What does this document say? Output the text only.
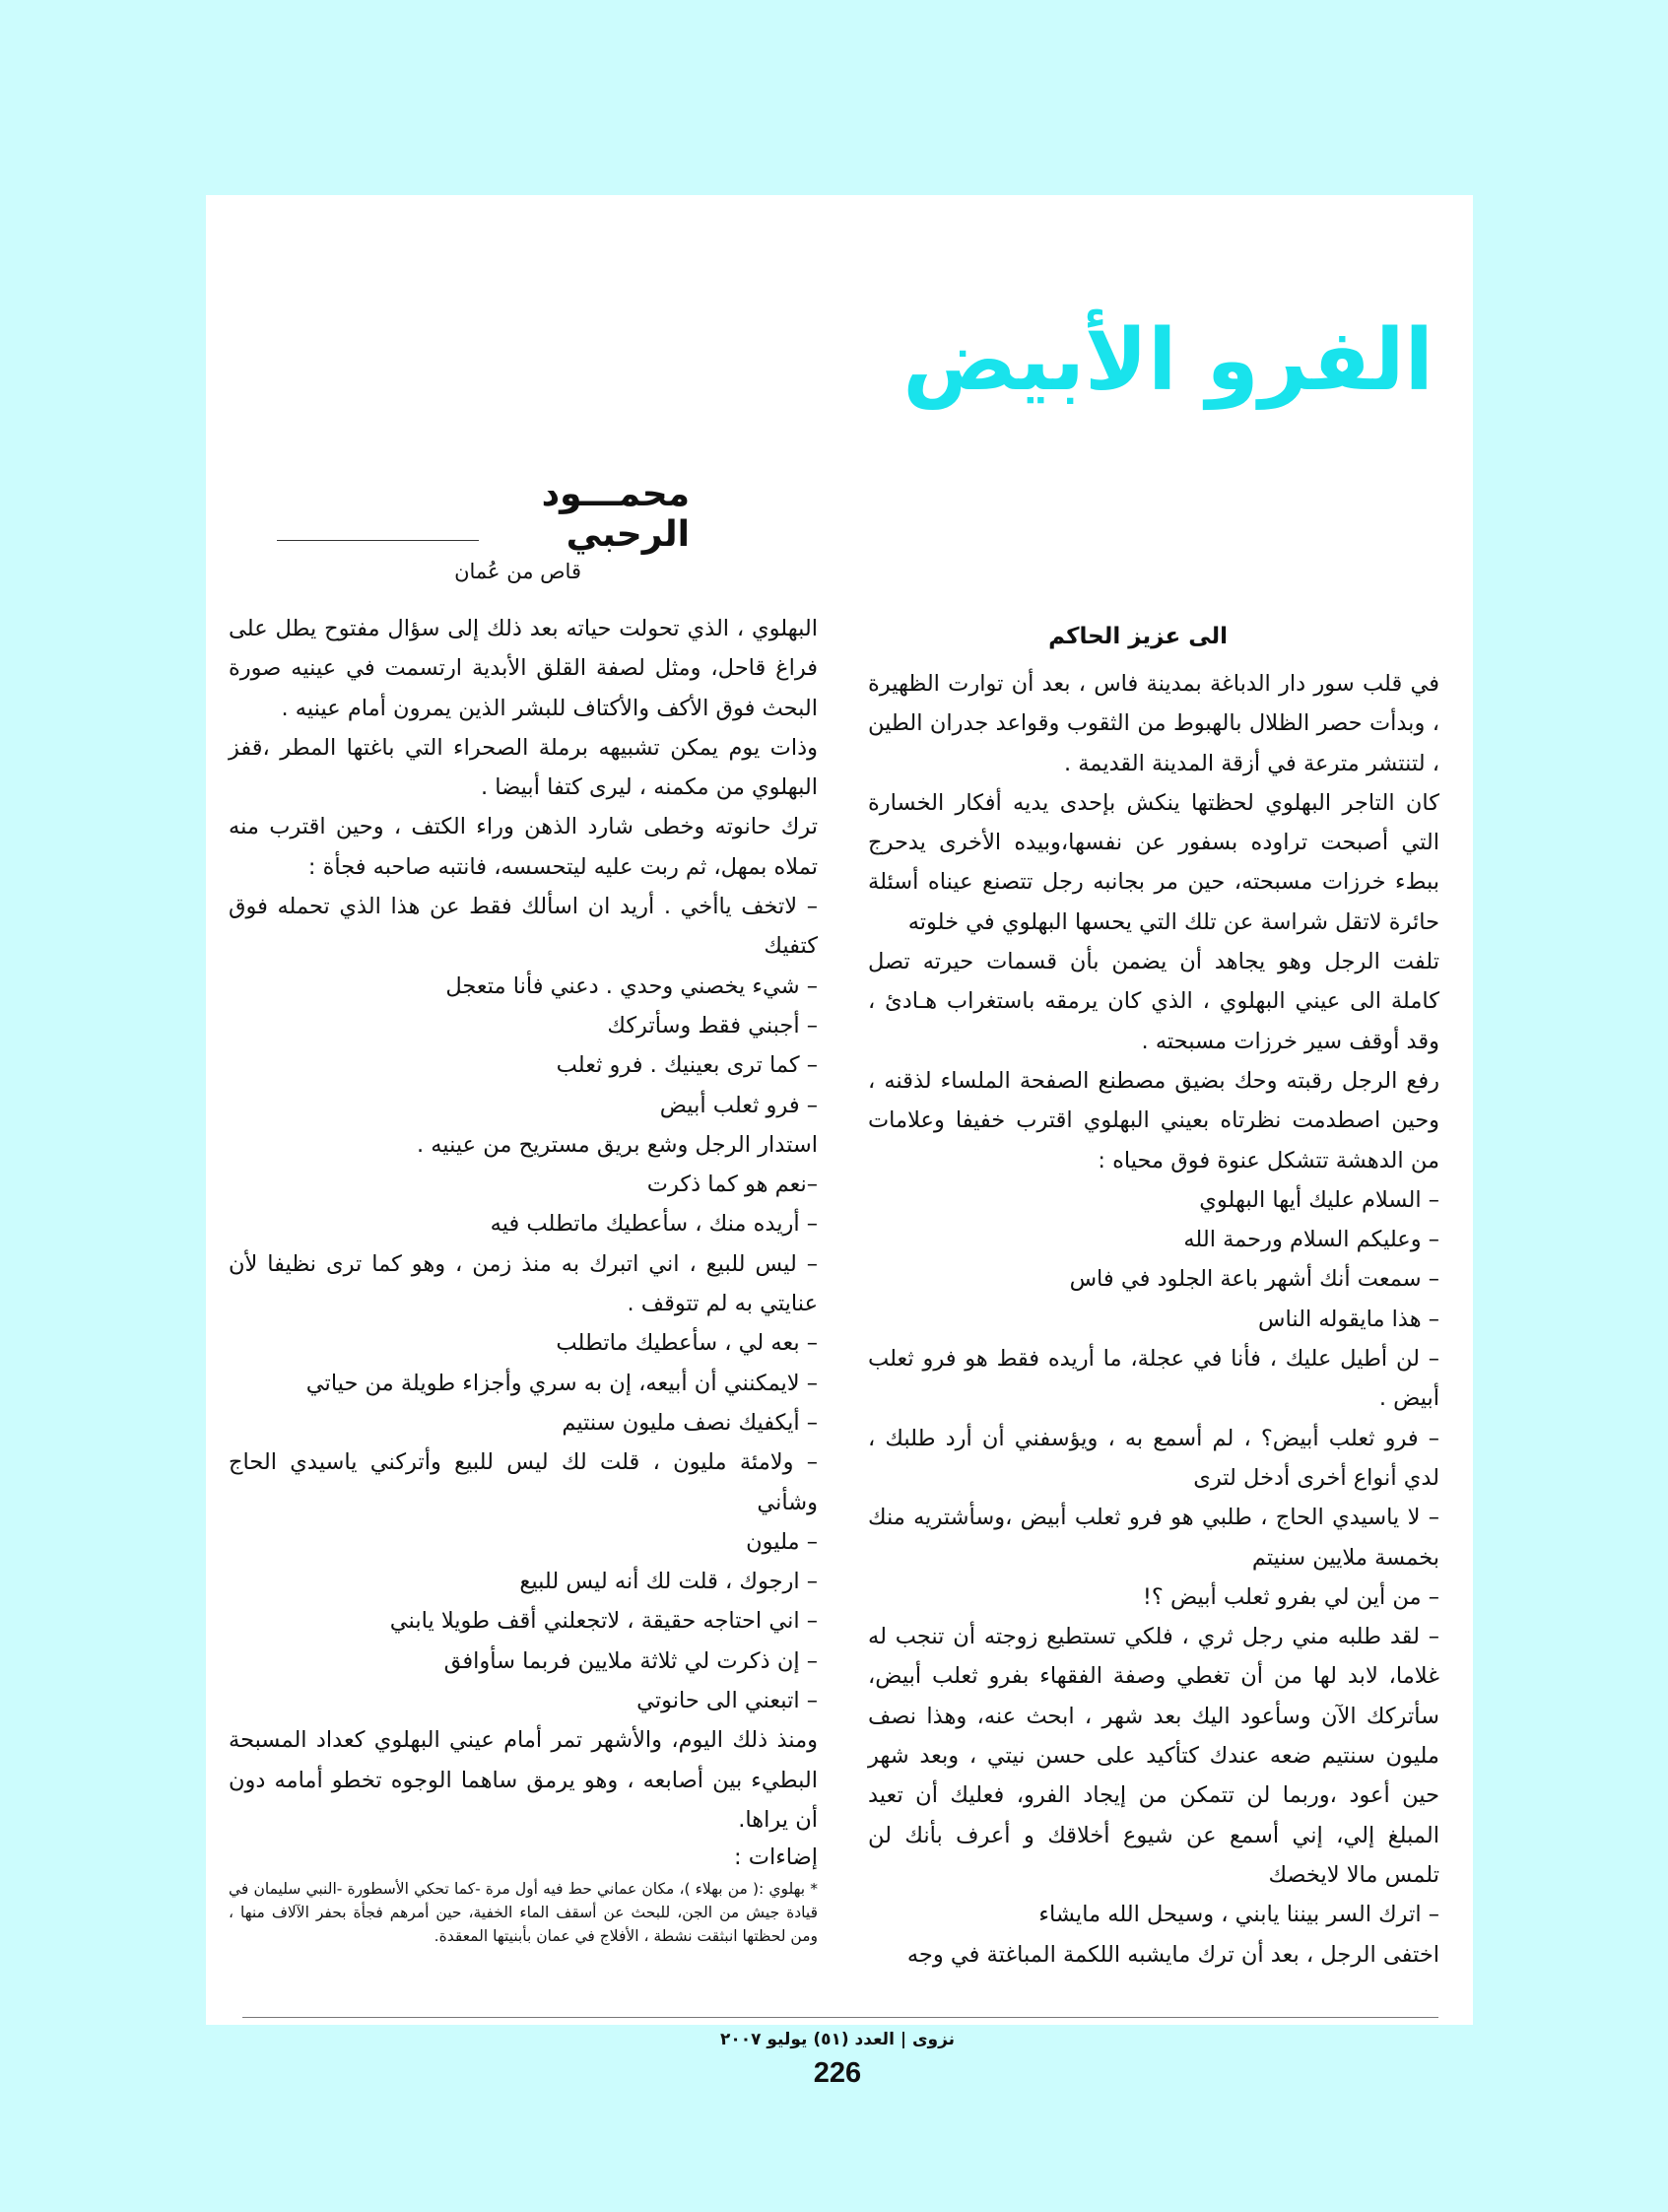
الفرو الأبيض
محمـــود الرحبي

قاص من عُمان

الى عزيز الحاكم

في قلب سور دار الدباغة بمدينة فاس ، بعد أن توارت الظهيرة ، وبدأت حصر الظلال بالهبوط من الثقوب وقواعد جدران الطين ، لتنتشر مترعة في أزقة المدينة القديمة .

كان التاجر البهلوي لحظتها ينكش بإحدى يديه أفكار الخسارة التي أصبحت تراوده بسفور عن نفسها،وبيده الأخرى يدحرج ببطء خرزات مسبحته، حين مر بجانبه رجل تتصنع عيناه أسئلة حائرة لاتقل شراسة عن تلك التي يحسها البهلوي في خلوته

تلفت الرجل وهو يجاهد أن يضمن بأن قسمات حيرته تصل كاملة الى عيني البهلوي ، الذي كان يرمقه باستغراب هـادئ ، وقد أوقف سير خرزات مسبحته .

رفع الرجل رقبته وحك بضيق مصطنع الصفحة الملساء لذقنه ، وحين اصطدمت نظرتاه بعيني البهلوي اقترب خفيفا وعلامات من الدهشة تتشكل عنوة فوق محياه :

– السلام عليك أيها البهلوي

– وعليكم السلام ورحمة الله

– سمعت أنك أشهر باعة الجلود في فاس

– هذا مايقوله الناس

– لن أطيل عليك ، فأنا في عجلة، ما أريده فقط هو فرو ثعلب أبيض .

– فرو ثعلب أبيض؟ ، لم أسمع به ، ويؤسفني أن أرد طلبك ، لدي أنواع أخرى أدخل لترى

– لا ياسيدي الحاج ، طلبي هو فرو ثعلب أبيض ،وسأشتريه منك بخمسة ملايين سنيتم

– من أين لي بفرو ثعلب أبيض ؟!

– لقد طلبه مني رجل ثري ، فلكي تستطيع زوجته أن تنجب له غلاما، لابد لها من أن تغطي وصفة الفقهاء بفرو ثعلب أبيض، سأتركك الآن وسأعود اليك بعد شهر ، ابحث عنه، وهذا نصف مليون سنتيم ضعه عندك كتأكيد على حسن نيتي ، وبعد شهر حين أعود ،وربما لن تتمكن من إيجاد الفرو، فعليك أن تعيد المبلغ إلي، إني أسمع عن شيوع أخلاقك و أعرف بأنك لن تلمس مالا لايخصك

– اترك السر بيننا يابني ، وسيحل الله مايشاء

اختفى الرجل ، بعد أن ترك مايشبه اللكمة المباغتة في وجه

البهلوي ، الذي تحولت حياته بعد ذلك إلى سؤال مفتوح يطل على فراغ قاحل، ومثل لصفة القلق الأبدية ارتسمت في عينيه صورة البحث فوق الأكف والأكتاف للبشر الذين يمرون أمام عينيه .

وذات يوم يمكن تشبيهه برملة الصحراء التي باغتها المطر ،قفز البهلوي من مكمنه ، ليرى كتفا أبيضا .

ترك حانوته وخطى شارد الذهن وراء الكتف ، وحين اقترب منه تملاه بمهل، ثم ربت عليه ليتحسسه، فانتبه صاحبه فجأة :

– لاتخف ياأخي . أريد ان اسألك فقط عن هذا الذي تحمله فوق كتفيك

– شيء يخصني وحدي . دعني فأنا متعجل

– أجبني فقط وسأتركك

– كما ترى بعينيك . فرو ثعلب

– فرو ثعلب أبيض

استدار الرجل وشع بريق مستريح من عينيه .

–نعم هو كما ذكرت

– أريده منك ، سأعطيك ماتطلب فيه

– ليس للبيع ، اني اتبرك به منذ زمن ، وهو كما ترى نظيفا لأن عنايتي به لم تتوقف .

– بعه لي ، سأعطيك ماتطلب

– لايمكنني أن أبيعه، إن به سري وأجزاء طويلة من حياتي

– أيكفيك نصف مليون سنتيم

– ولامئة مليون ، قلت لك ليس للبيع وأتركني ياسيدي الحاج وشأني

– مليون

– ارجوك ، قلت لك أنه ليس للبيع

– اني احتاجه حقيقة ، لاتجعلني أقف طويلا يابني

– إن ذكرت لي ثلاثة ملايين فربما سأوافق

– اتبعني الى حانوتي

ومنذ ذلك اليوم، والأشهر تمر أمام عيني البهلوي كعداد المسبحة البطيء بين أصابعه ، وهو يرمق ساهما الوجوه تخطو أمامه دون أن يراها.

إضاءات :

* بهلوي :( من بهلاء )، مكان عماني حط فيه أول مرة -كما تحكي الأسطورة -النبي سليمان في قيادة جيش من الجن، للبحث عن أسقف الماء الخفية، حين أمرهم فجأة بحفر الآلاف منها ، ومن لحظتها انبثقت نشطة ، الأفلاج في عمان بأبنيتها المعقدة.

نزوى | العدد (٥١) يوليو ٢٠٠٧
226
